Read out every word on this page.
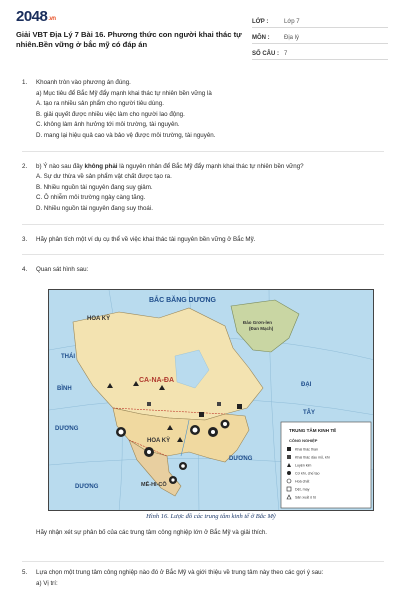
2048.vn
Giải VBT Địa Lý 7 Bài 16. Phương thức con người khai thác tự nhiên.Bền vững ở bắc mỹ có đáp án
LỚP :	Lớp 7
MÔN :	Địa lý
SỐ CÂU : 7
1. Khoanh tròn vào phương án đúng.
a) Mục tiêu để Bắc Mỹ đẩy mạnh khai thác tự nhiên bền vững là
A. tạo ra nhiều sản phẩm cho người tiêu dùng.
B. giải quyết được nhiều việc làm cho người lao động.
C. không làm ảnh hưởng tới môi trường, tài nguyên.
D. mang lại hiệu quả cao và bảo vệ được môi trường, tài nguyên.
2. b) Ý nào sau đây không phải là nguyên nhân để Bắc Mỹ đẩy mạnh khai thác tự nhiên bền vững?
A. Sự dư thừa về sản phẩm vật chất được tạo ra.
B. Nhiều nguồn tài nguyên đang suy giảm.
C. Ô nhiễm môi trường ngày càng tăng.
D. Nhiều nguồn tài nguyên đang suy thoái.
3. Hãy phân tích một ví dụ cụ thể về việc khai thác tài nguyên bền vững ở Bắc Mỹ.
4. Quan sát hình sau:
BẮC BĂNG DƯƠNG
HOA KỲ
Đảo Grơn-len
(Đan Mạch)
THÁI
BÌNH
DƯƠNG
CA-NA-ĐA
HOA KỲ
MÊ-HI-CÔ
ĐẠI
TÂY
DƯƠNG
DƯƠNG
TRUNG TÂM KINH TẾ
CÔNG NGHIỆP
Khai thác than
Khai thác dầu mỏ, khí
Luyện kim
Cơ khí, chế tạo
Hoá chất
Dệt, may
Sản xuất ô tô
Hình 16. Lược đồ các trung tâm kinh tế ở Bắc Mỹ
Hãy nhận xét sự phân bố của các trung tâm công nghiệp lớn ở Bắc Mỹ và giải thích.
5. Lựa chọn một trung tâm công nghiệp nào đó ở Bắc Mỹ và giới thiệu về trung tâm này theo các gợi ý sau:
a) Vị trí:
